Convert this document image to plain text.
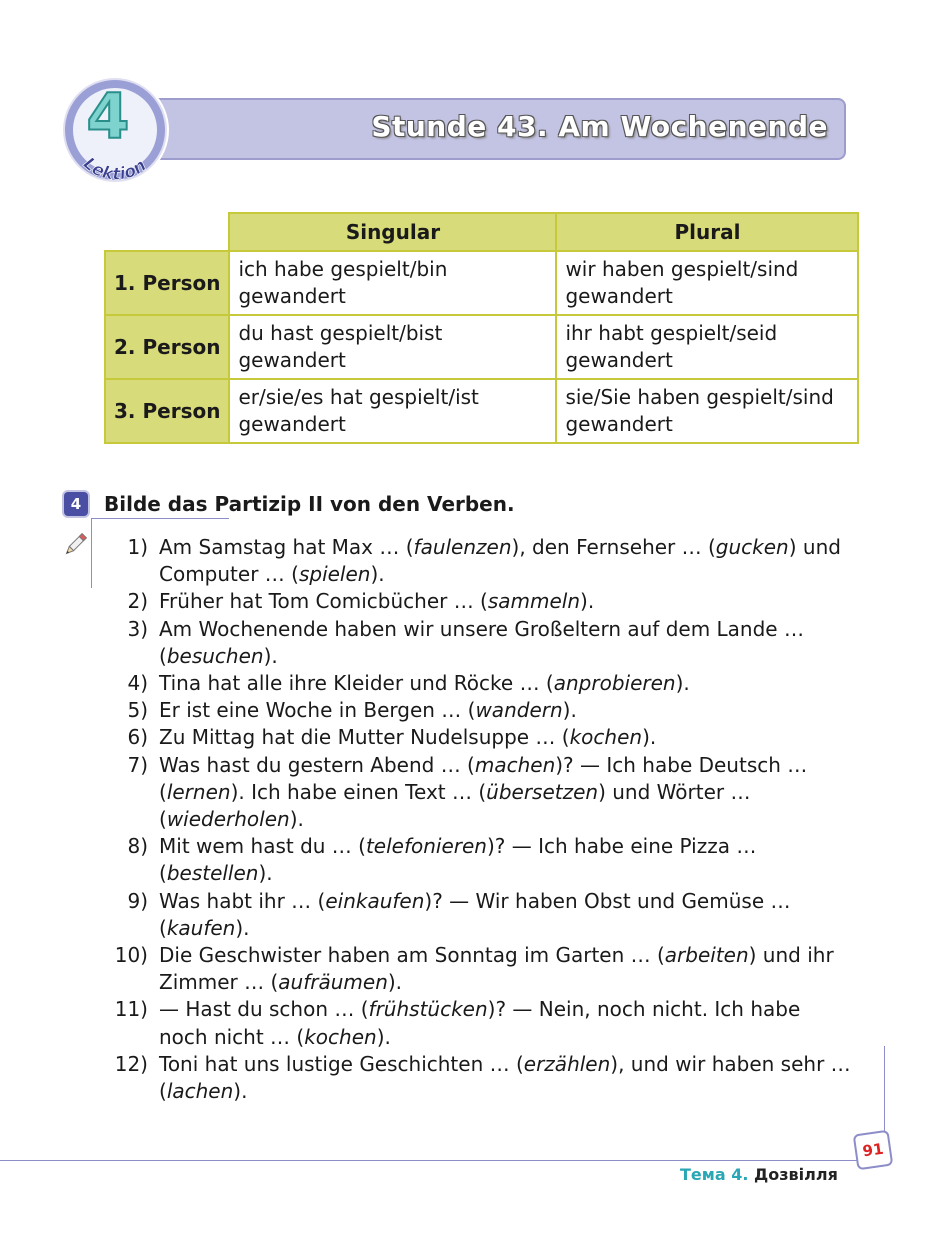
Stunde 43. Am Wochenende
4
Lektion
	Singular	Plural
1. Person	ich habe gespielt/bin gewandert	wir haben gespielt/sind gewandert
2. Person	du hast gespielt/bist gewandert	ihr habt gespielt/seid gewandert
3. Person	er/sie/es hat gespielt/ist gewandert	sie/Sie haben gespielt/sind gewandert
4	Bilde das Partizip II von den Verben.
1) Am Samstag hat Max … (faulenzen), den Fernseher … (gucken) und Computer … (spielen).
2) Früher hat Tom Comicbücher … (sammeln).
3) Am Wochenende haben wir unsere Großeltern auf dem Lande … (besuchen).
4) Tina hat alle ihre Kleider und Röcke … (anprobieren).
5) Er ist eine Woche in Bergen … (wandern).
6) Zu Mittag hat die Mutter Nudelsuppe … (kochen).
7) Was hast du gestern Abend … (machen)? — Ich habe Deutsch … (lernen). Ich habe einen Text … (übersetzen) und Wörter … (wiederholen).
8) Mit wem hast du … (telefonieren)? — Ich habe eine Pizza … (bestellen).
9) Was habt ihr … (einkaufen)? — Wir haben Obst und Gemüse … (kaufen).
10) Die Geschwister haben am Sonntag im Garten … (arbeiten) und ihr Zimmer … (aufräumen).
11) — Hast du schon … (frühstücken)? — Nein, noch nicht. Ich habe noch nicht … (kochen).
12) Toni hat uns lustige Geschichten … (erzählen), und wir haben sehr … (lachen).
91
Тема 4. Дозвілля
